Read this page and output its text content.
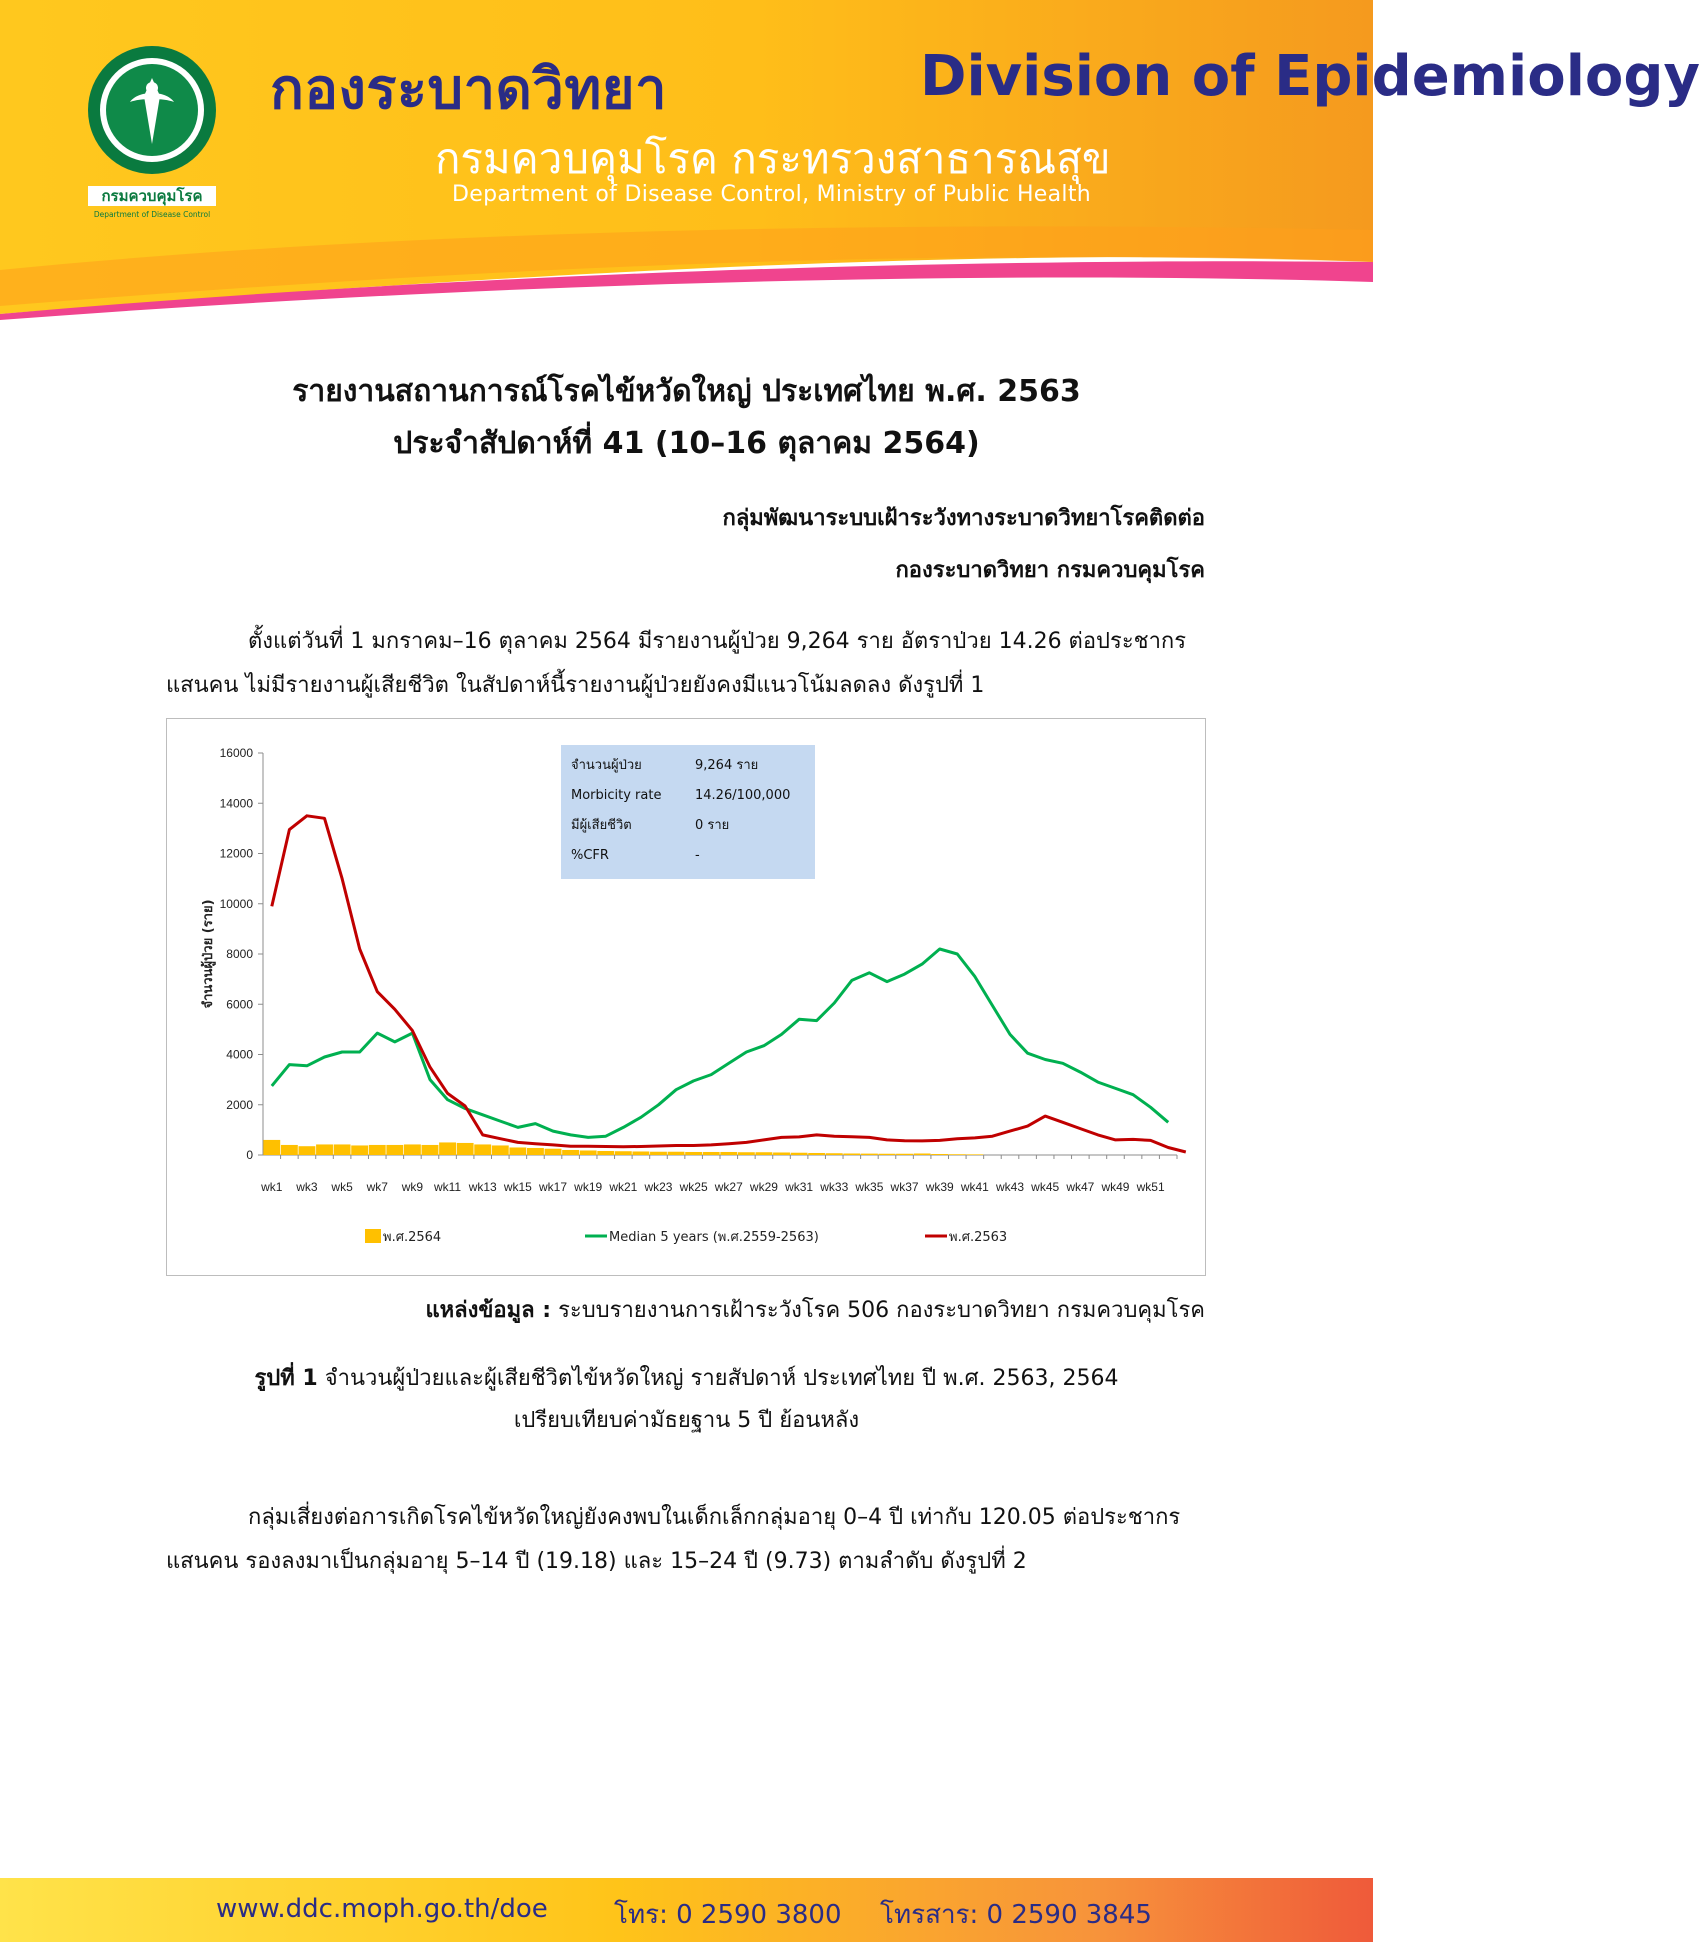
กรมควบคุมโรค
Department of Disease Control
กองระบาดวิทยา	Division of Epidemiology
กรมควบคุมโรค กระทรวงสาธารณสุข
Department of Disease Control, Ministry of Public Health
รายงานสถานการณ์โรคไข้หวัดใหญ่ ประเทศไทย พ.ศ. 2563
ประจำสัปดาห์ที่ 41 (10–16 ตุลาคม 2564)
กลุ่มพัฒนาระบบเฝ้าระวังทางระบาดวิทยาโรคติดต่อ
กองระบาดวิทยา กรมควบคุมโรค
ตั้งแต่วันที่ 1 มกราคม–16 ตุลาคม 2564 มีรายงานผู้ป่วย 9,264 ราย อัตราป่วย 14.26 ต่อประชากร
แสนคน ไม่มีรายงานผู้เสียชีวิต ในสัปดาห์นี้รายงานผู้ป่วยยังคงมีแนวโน้มลดลง ดังรูปที่ 1
0
2000
4000
6000
8000
10000
12000
14000
16000
จำนวนผู้ป่วย (ราย)
wk1 wk3 wk5 wk7 wk9 wk11 wk13 wk15 wk17 wk19 wk21 wk23 wk25 wk27 wk29 wk31 wk33 wk35 wk37 wk39 wk41 wk43 wk45 wk47 wk49 wk51
พ.ศ.2564	Median 5 years (พ.ศ.2559-2563)	พ.ศ.2563
จำนวนผู้ป่วย	9,264 ราย
Morbicity rate	14.26/100,000
มีผู้เสียชีวิต	0 ราย
%CFR	-
แหล่งข้อมูล : ระบบรายงานการเฝ้าระวังโรค 506 กองระบาดวิทยา กรมควบคุมโรค
รูปที่ 1 จำนวนผู้ป่วยและผู้เสียชีวิตไข้หวัดใหญ่ รายสัปดาห์ ประเทศไทย ปี พ.ศ. 2563, 2564
เปรียบเทียบค่ามัธยฐาน 5 ปี ย้อนหลัง
กลุ่มเสี่ยงต่อการเกิดโรคไข้หวัดใหญ่ยังคงพบในเด็กเล็กกลุ่มอายุ 0–4 ปี เท่ากับ 120.05 ต่อประชากร
แสนคน รองลงมาเป็นกลุ่มอายุ 5–14 ปี (19.18) และ 15–24 ปี (9.73) ตามลำดับ ดังรูปที่ 2
www.ddc.moph.go.th/doe	โทร: 0 2590 3800 โทรสาร: 0 2590 3845
